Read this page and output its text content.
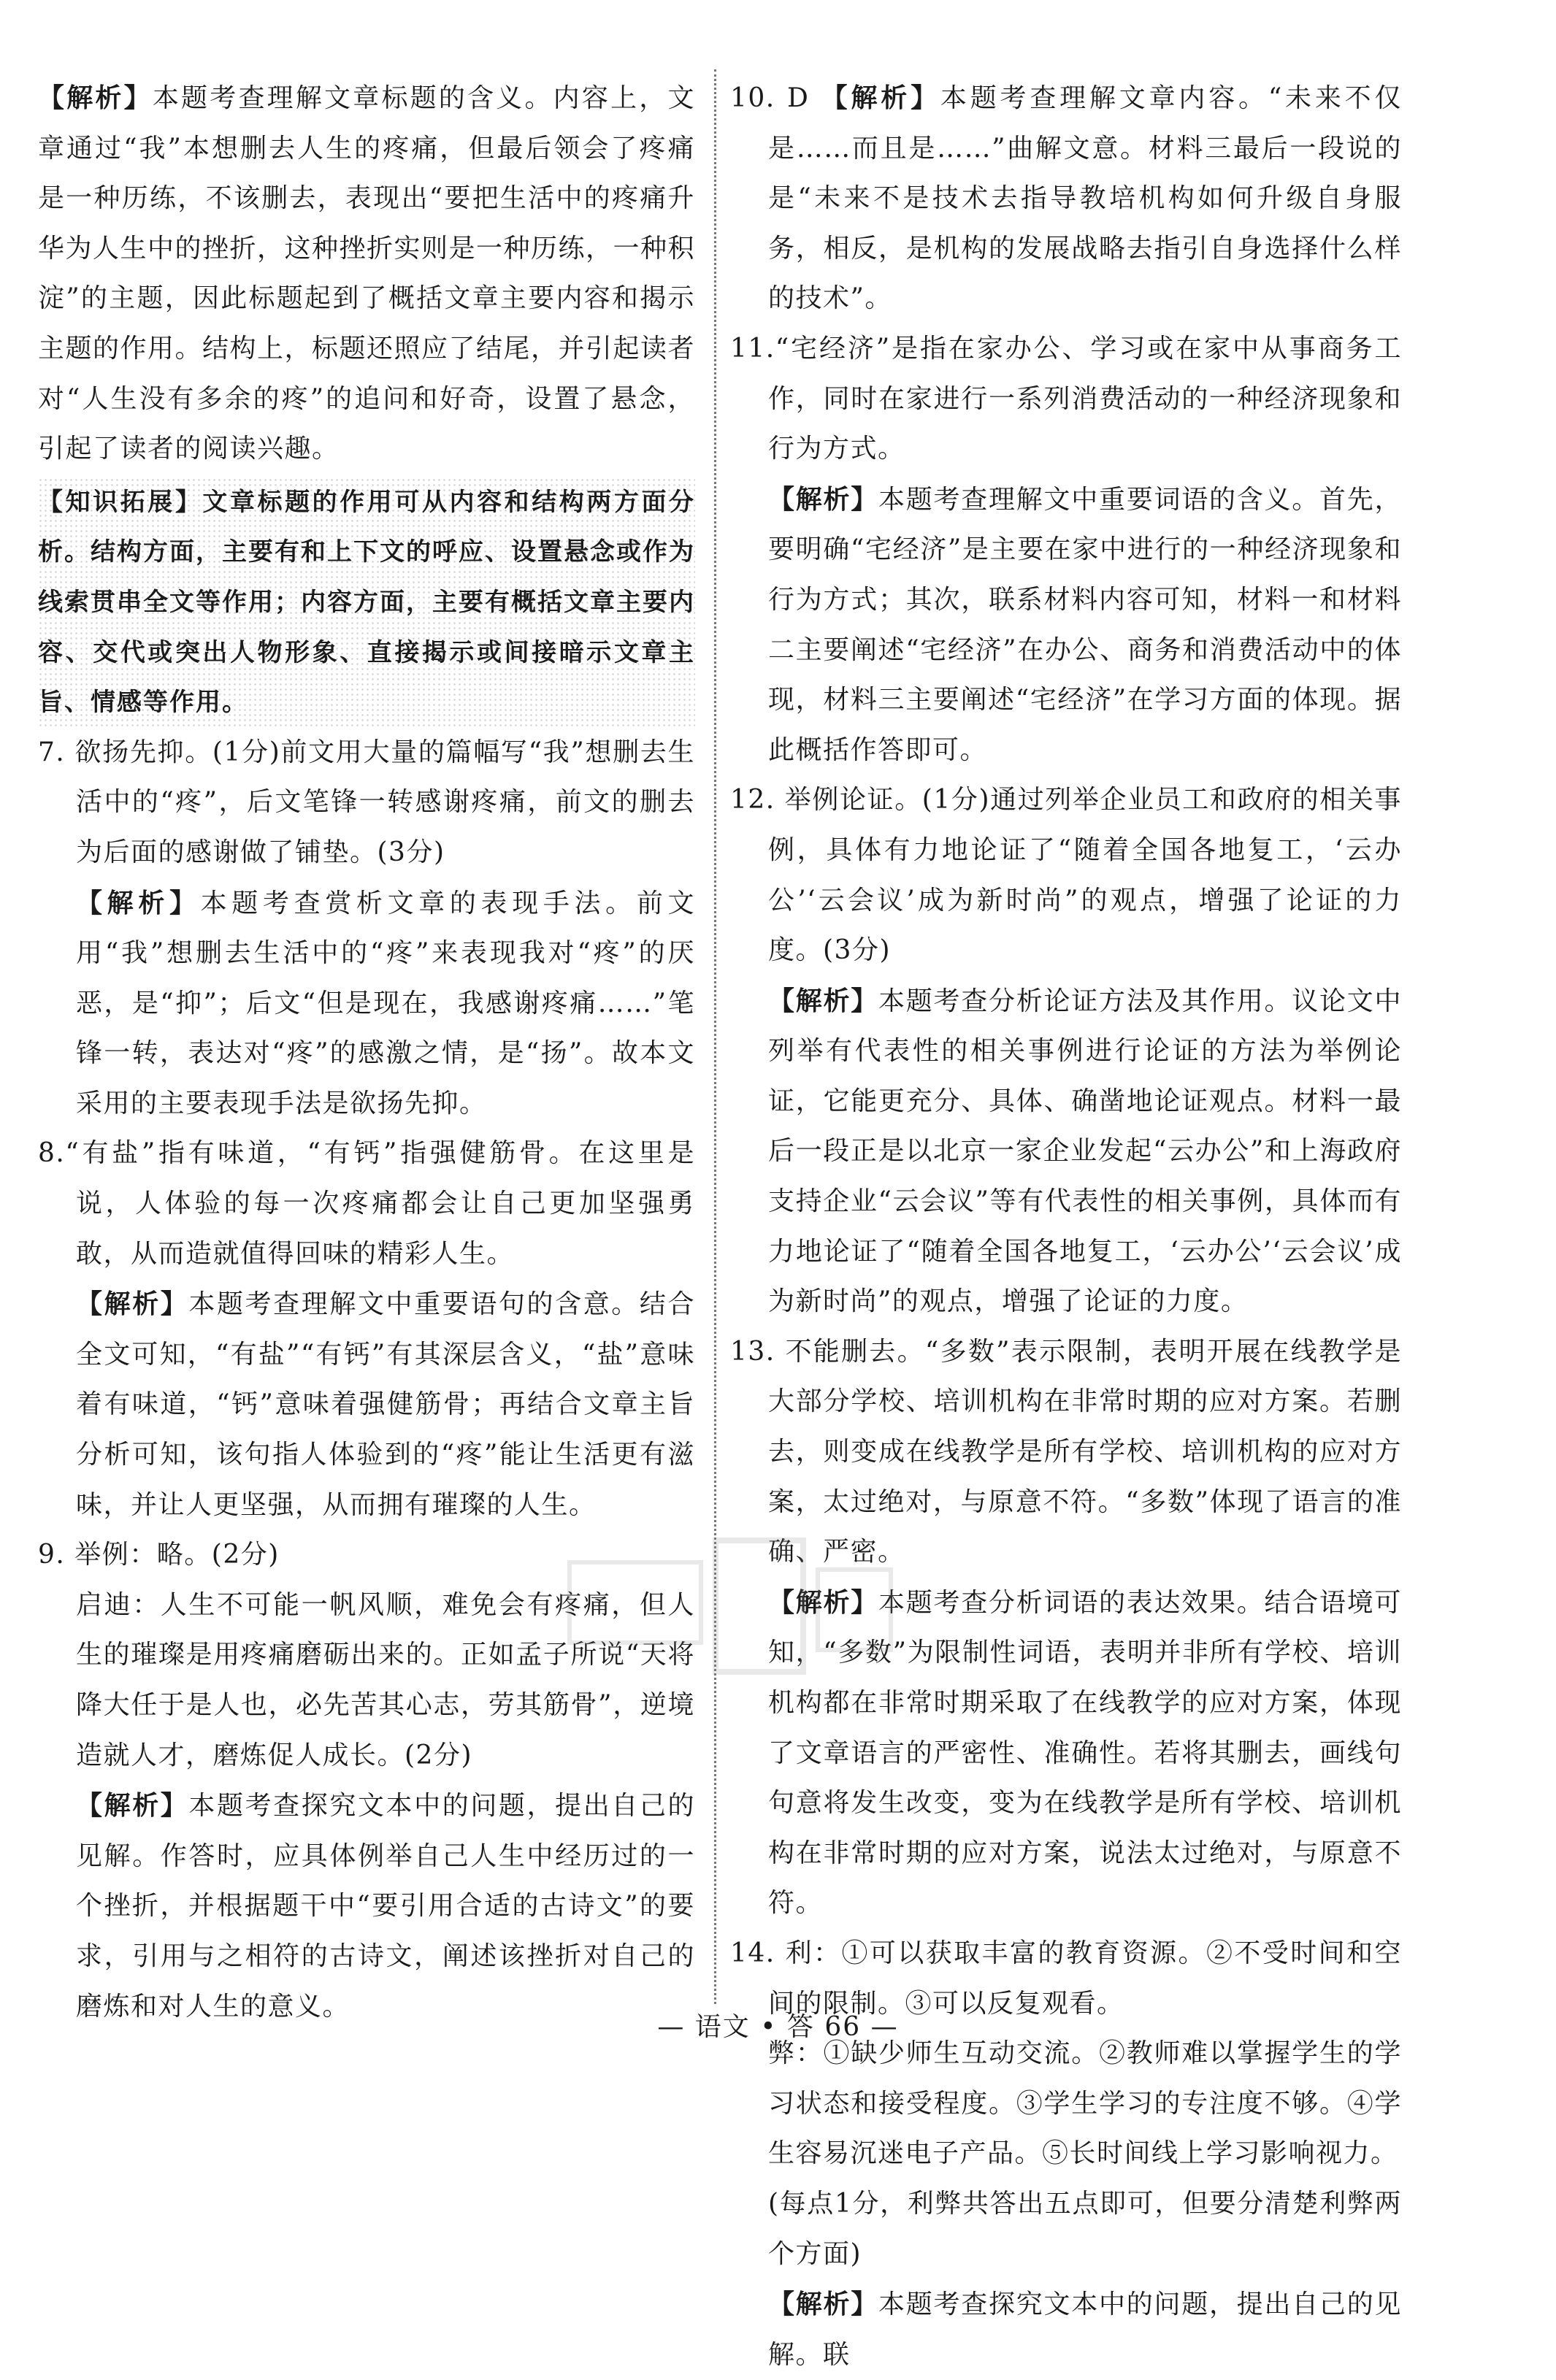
【解析】本题考查理解文章标题的含义。内容上，文章通过“我”本想删去人生的疼痛，但最后领会了疼痛是一种历练，不该删去，表现出“要把生活中的疼痛升华为人生中的挫折，这种挫折实则是一种历练，一种积淀”的主题，因此标题起到了概括文章主要内容和揭示主题的作用。结构上，标题还照应了结尾，并引起读者对“人生没有多余的疼”的追问和好奇，设置了悬念，引起了读者的阅读兴趣。

【知识拓展】文章标题的作用可从内容和结构两方面分析。结构方面，主要有和上下文的呼应、设置悬念或作为线索贯串全文等作用；内容方面，主要有概括文章主要内容、交代或突出人物形象、直接揭示或间接暗示文章主旨、情感等作用。

7. 欲扬先抑。(1分)前文用大量的篇幅写“我”想删去生活中的“疼”，后文笔锋一转感谢疼痛，前文的删去为后面的感谢做了铺垫。(3分)

【解析】本题考查赏析文章的表现手法。前文用“我”想删去生活中的“疼”来表现我对“疼”的厌恶，是“抑”；后文“但是现在，我感谢疼痛……”笔锋一转，表达对“疼”的感激之情，是“扬”。故本文采用的主要表现手法是欲扬先抑。

8.“有盐”指有味道，“有钙”指强健筋骨。在这里是说，人体验的每一次疼痛都会让自己更加坚强勇敢，从而造就值得回味的精彩人生。

【解析】本题考查理解文中重要语句的含意。结合全文可知，“有盐”“有钙”有其深层含义，“盐”意味着有味道，“钙”意味着强健筋骨；再结合文章主旨分析可知，该句指人体验到的“疼”能让生活更有滋味，并让人更坚强，从而拥有璀璨的人生。

9. 举例：略。(2分)

启迪：人生不可能一帆风顺，难免会有疼痛，但人生的璀璨是用疼痛磨砺出来的。正如孟子所说“天将降大任于是人也，必先苦其心志，劳其筋骨”，逆境造就人才，磨炼促人成长。(2分)

【解析】本题考查探究文本中的问题，提出自己的见解。作答时，应具体例举自己人生中经历过的一个挫折，并根据题干中“要引用合适的古诗文”的要求，引用与之相符的古诗文，阐述该挫折对自己的磨炼和对人生的意义。

10. D 【解析】本题考查理解文章内容。“未来不仅是……而且是……”曲解文意。材料三最后一段说的是“未来不是技术去指导教培机构如何升级自身服务，相反，是机构的发展战略去指引自身选择什么样的技术”。

11.“宅经济”是指在家办公、学习或在家中从事商务工作，同时在家进行一系列消费活动的一种经济现象和行为方式。

【解析】本题考查理解文中重要词语的含义。首先，要明确“宅经济”是主要在家中进行的一种经济现象和行为方式；其次，联系材料内容可知，材料一和材料二主要阐述“宅经济”在办公、商务和消费活动中的体现，材料三主要阐述“宅经济”在学习方面的体现。据此概括作答即可。

12. 举例论证。(1分)通过列举企业员工和政府的相关事例，具体有力地论证了“随着全国各地复工，‘云办公’‘云会议’成为新时尚”的观点，增强了论证的力度。(3分)

【解析】本题考查分析论证方法及其作用。议论文中列举有代表性的相关事例进行论证的方法为举例论证，它能更充分、具体、确凿地论证观点。材料一最后一段正是以北京一家企业发起“云办公”和上海政府支持企业“云会议”等有代表性的相关事例，具体而有力地论证了“随着全国各地复工，‘云办公’‘云会议’成为新时尚”的观点，增强了论证的力度。

13. 不能删去。“多数”表示限制，表明开展在线教学是大部分学校、培训机构在非常时期的应对方案。若删去，则变成在线教学是所有学校、培训机构的应对方案，太过绝对，与原意不符。“多数”体现了语言的准确、严密。

【解析】本题考查分析词语的表达效果。结合语境可知，“多数”为限制性词语，表明并非所有学校、培训机构都在非常时期采取了在线教学的应对方案，体现了文章语言的严密性、准确性。若将其删去，画线句句意将发生改变，变为在线教学是所有学校、培训机构在非常时期的应对方案，说法太过绝对，与原意不符。

14. 利：①可以获取丰富的教育资源。②不受时间和空间的限制。③可以反复观看。

弊：①缺少师生互动交流。②教师难以掌握学生的学习状态和接受程度。③学生学习的专注度不够。④学生容易沉迷电子产品。⑤长时间线上学习影响视力。

(每点1分，利弊共答出五点即可，但要分清楚利弊两个方面)

【解析】本题考查探究文本中的问题，提出自己的见解。联

— 语文 • 答 66 —
